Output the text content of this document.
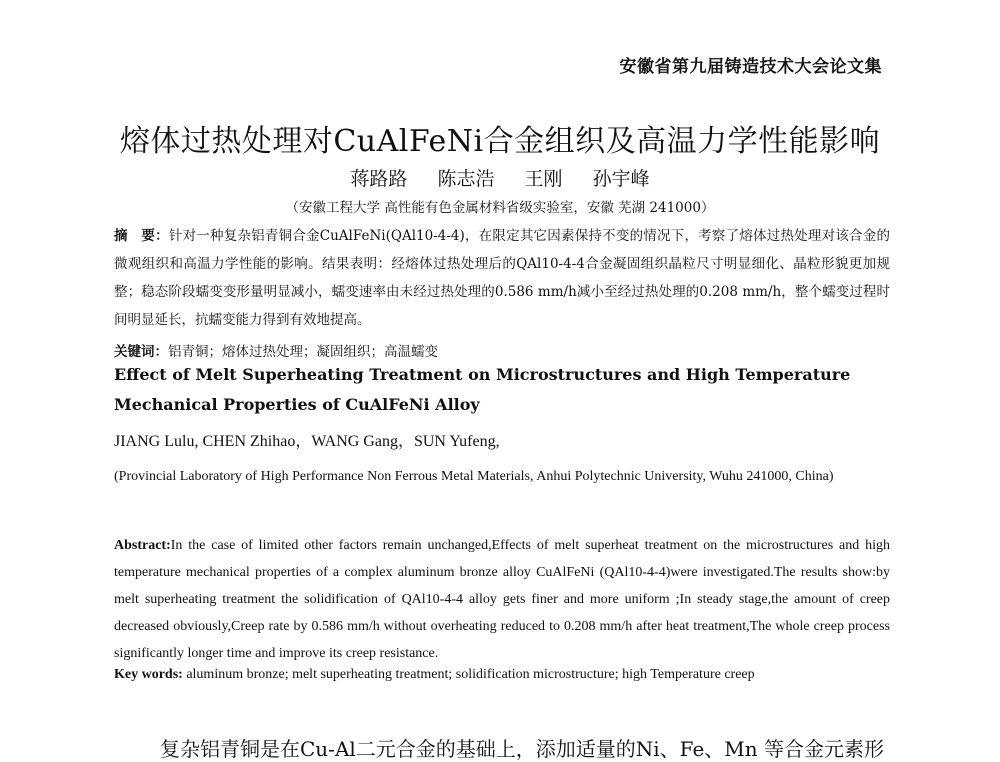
安徽省第九届铸造技术大会论文集
熔体过热处理对CuAlFeNi合金组织及高温力学性能影响
蒋路路 陈志浩 王刚 孙宇峰
（安徽工程大学 高性能有色金属材料省级实验室，安徽 芜湖 241000）
摘　要：针对一种复杂铝青铜合金CuAlFeNi(QAl10-4-4)，在限定其它因素保持不变的情况下，考察了熔体过热处理对该合金的微观组织和高温力学性能的影响。结果表明：经熔体过热处理后的QAl10-4-4合金凝固组织晶粒尺寸明显细化、晶粒形貌更加规整；稳态阶段蠕变变形量明显减小，蠕变速率由未经过热处理的0.586 mm/h减小至经过热处理的0.208 mm/h，整个蠕变过程时间明显延长，抗蠕变能力得到有效地提高。
关键词：铝青铜；熔体过热处理；凝固组织；高温蠕变
Effect of Melt Superheating Treatment on Microstructures and High Temperature Mechanical Properties of CuAlFeNi Alloy
JIANG Lulu, CHEN Zhihao，WANG Gang，SUN Yufeng,
(Provincial Laboratory of High Performance Non Ferrous Metal Materials, Anhui Polytechnic University, Wuhu 241000, China)
Abstract:In the case of limited other factors remain unchanged,Effects of melt superheat treatment on the microstructures and high temperature mechanical properties of a complex aluminum bronze alloy CuAlFeNi (QAl10-4-4)were investigated.The results show:by melt superheating treatment the solidification of QAl10-4-4 alloy gets finer and more uniform ;In steady stage,the amount of creep decreased obviously,Creep rate by 0.586 mm/h without overheating reduced to 0.208 mm/h after heat treatment,The whole creep process significantly longer time and improve its creep resistance.
Key words: aluminum bronze; melt superheating treatment; solidification microstructure; high Temperature creep
复杂铝青铜是在Cu-Al二元合金的基础上，添加适量的Ni、Fe、Mn 等合金元素形
